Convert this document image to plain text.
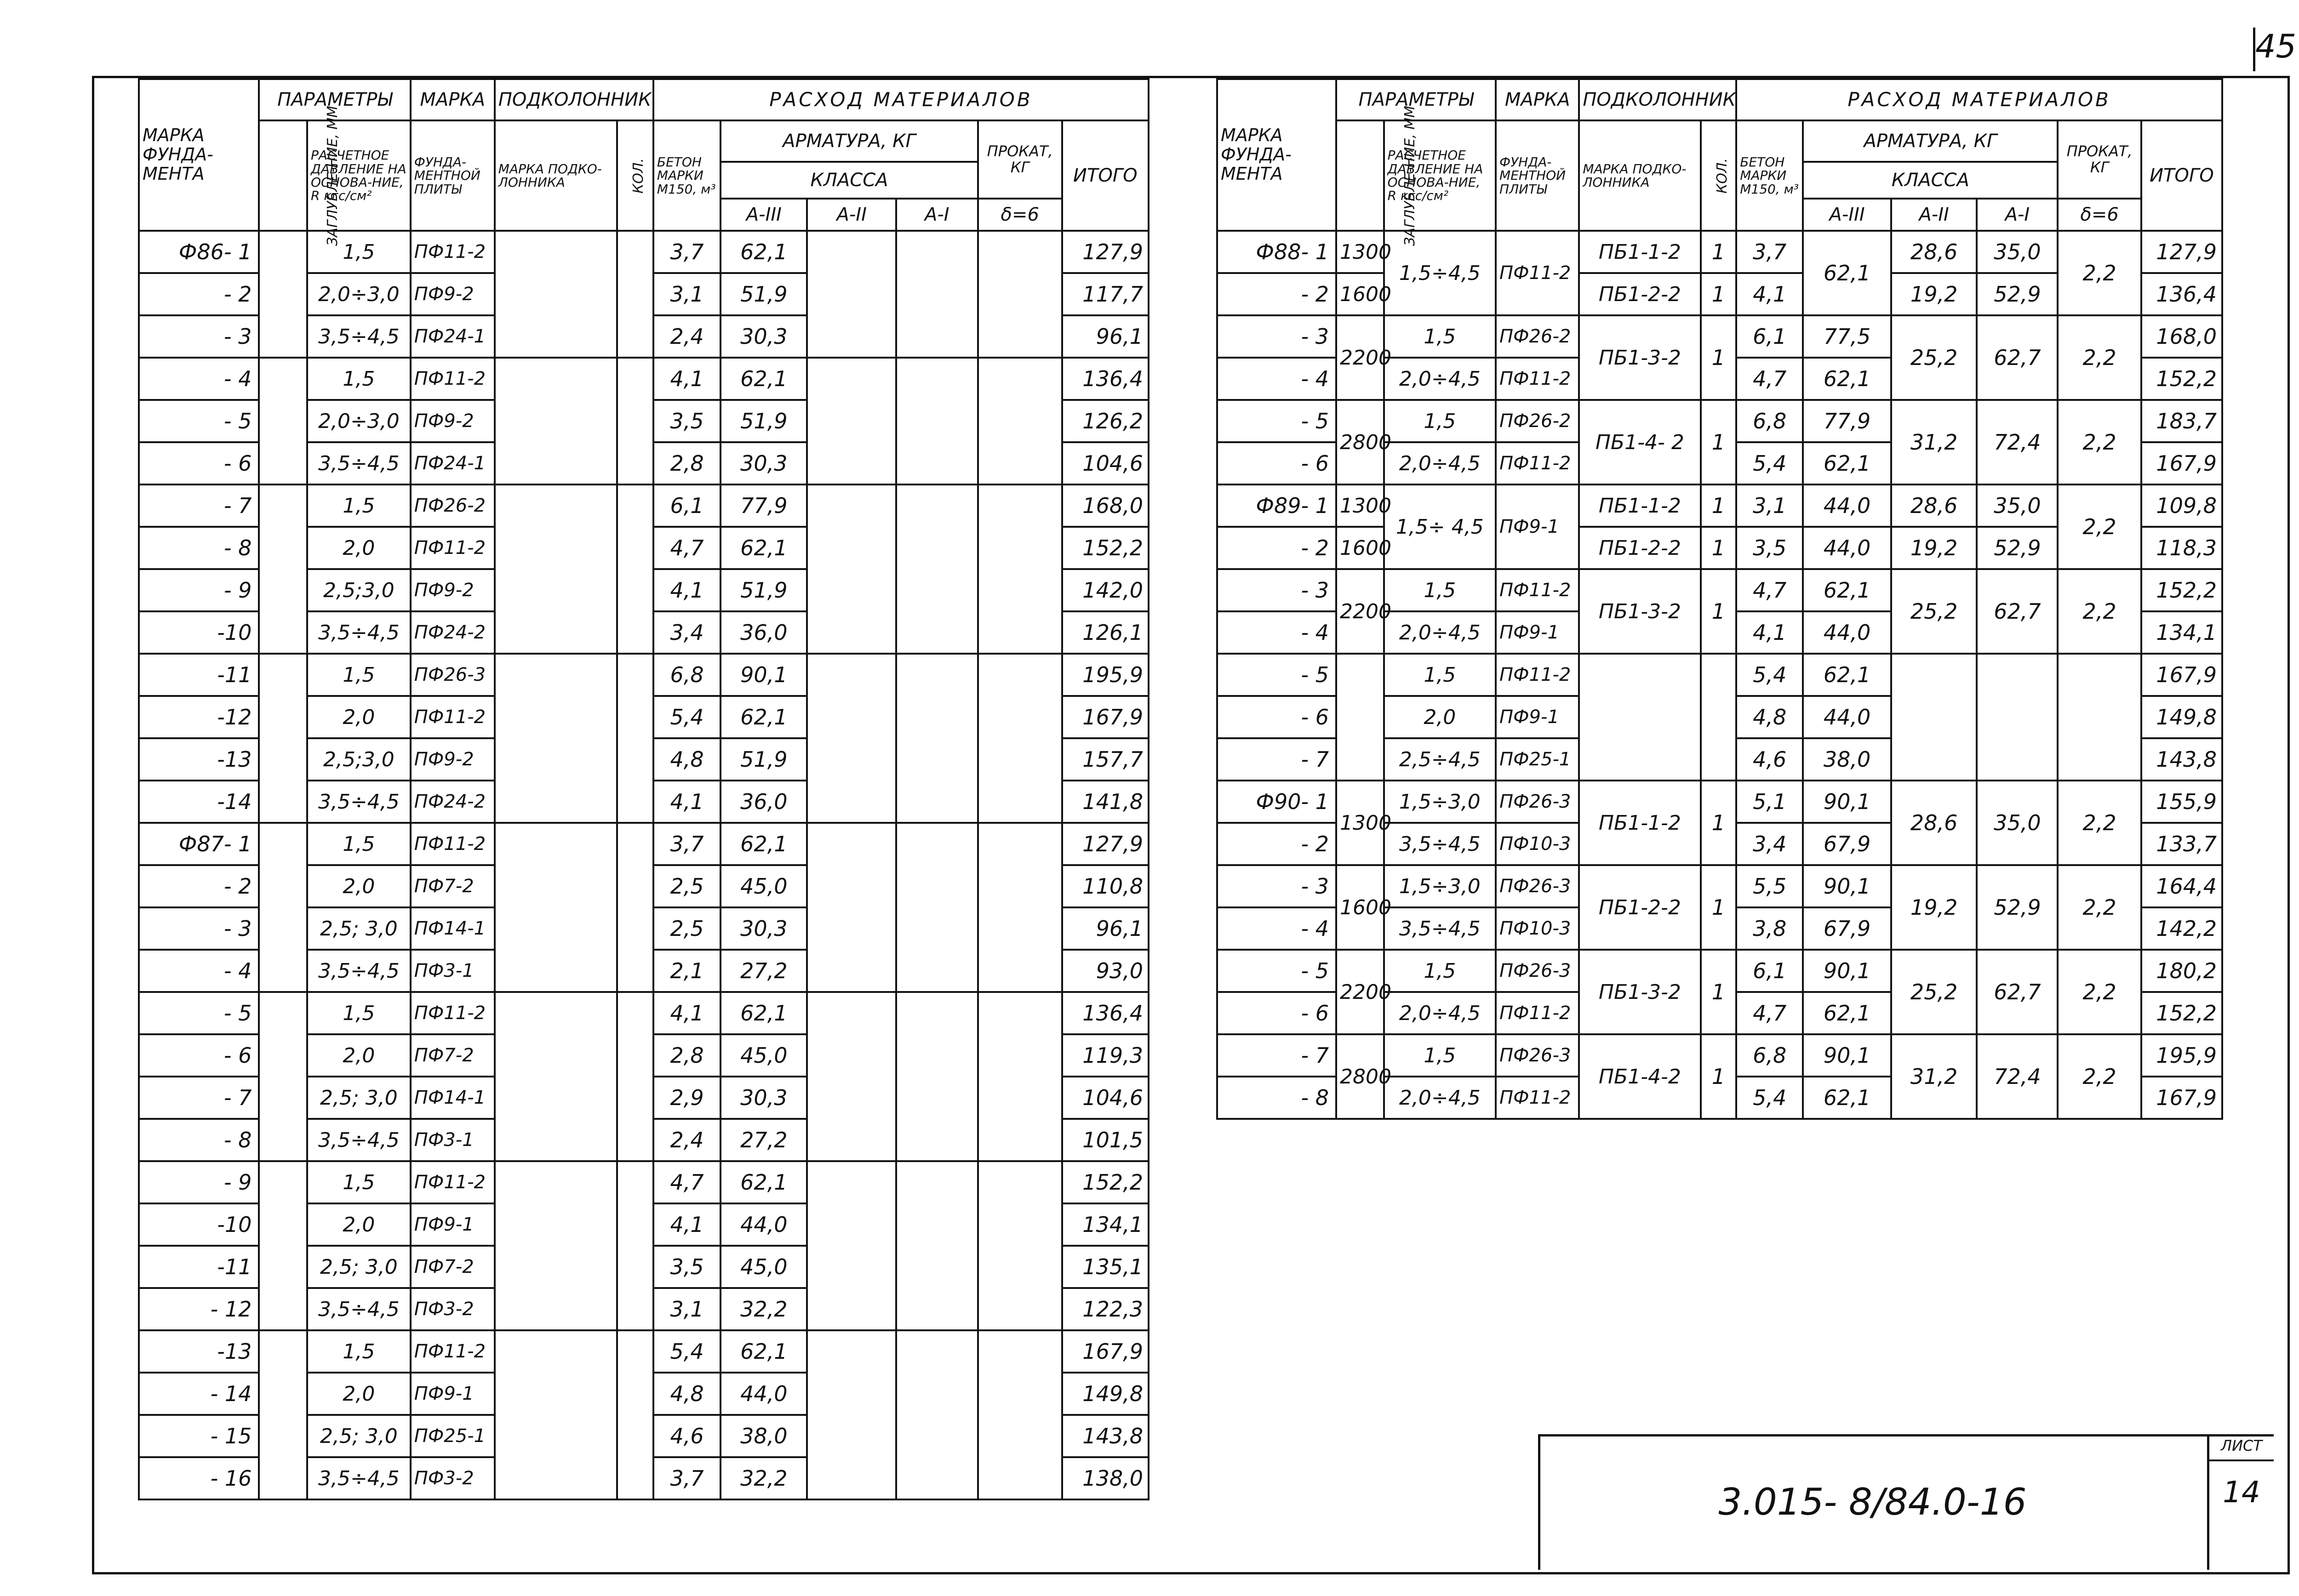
45
МАРКА ФУНДА-МЕНТА	ПАРАМЕТРЫ		МАРКА	ПОДКОЛОННИК		РАСХОД МАТЕРИАЛОВ					
	ЗАГЛУБЛЕ-НИЕ, ММ	РАСЧЕТНОЕ ДАВЛЕНИЕ НА ОСНОВА-НИЕ, R кгс/см²	ФУНДА-МЕНТНОЙ ПЛИТЫ	МАРКА ПОДКО-ЛОННИКА	КОЛ.	БЕТОН МАРКИ М150, м³	АРМАТУРА, КГ			ПРОКАТ, КГ	ИТОГО
							КЛАССА				
							А-III	А-II	А-I	δ=6	
Ф86- 1		1,5	ПФ11-2			3,7	62,1				127,9
- 2		2,0÷3,0	ПФ9-2			3,1	51,9				117,7
- 3		3,5÷4,5	ПФ24-1			2,4	30,3				96,1
- 4		1,5	ПФ11-2			4,1	62,1				136,4
- 5		2,0÷3,0	ПФ9-2			3,5	51,9				126,2
- 6		3,5÷4,5	ПФ24-1			2,8	30,3				104,6
- 7		1,5	ПФ26-2			6,1	77,9				168,0
- 8		2,0	ПФ11-2			4,7	62,1				152,2
- 9		2,5;3,0	ПФ9-2			4,1	51,9				142,0
-10		3,5÷4,5	ПФ24-2			3,4	36,0				126,1
-11		1,5	ПФ26-3			6,8	90,1				195,9
-12		2,0	ПФ11-2			5,4	62,1				167,9
-13		2,5;3,0	ПФ9-2			4,8	51,9				157,7
-14		3,5÷4,5	ПФ24-2			4,1	36,0				141,8
Ф87- 1		1,5	ПФ11-2			3,7	62,1				127,9
- 2		2,0	ПФ7-2			2,5	45,0				110,8
- 3		2,5; 3,0	ПФ14-1			2,5	30,3				96,1
- 4		3,5÷4,5	ПФ3-1			2,1	27,2				93,0
- 5		1,5	ПФ11-2			4,1	62,1				136,4
- 6		2,0	ПФ7-2			2,8	45,0				119,3
- 7		2,5; 3,0	ПФ14-1			2,9	30,3				104,6
- 8		3,5÷4,5	ПФ3-1			2,4	27,2				101,5
- 9		1,5	ПФ11-2			4,7	62,1				152,2
-10		2,0	ПФ9-1			4,1	44,0				134,1
-11		2,5; 3,0	ПФ7-2			3,5	45,0				135,1
- 12		3,5÷4,5	ПФ3-2			3,1	32,2				122,3
-13		1,5	ПФ11-2			5,4	62,1				167,9
- 14		2,0	ПФ9-1			4,8	44,0				149,8
- 15		2,5; 3,0	ПФ25-1			4,6	38,0				143,8
- 16		3,5÷4,5	ПФ3-2			3,7	32,2				138,0
МАРКА ФУНДА-МЕНТА	ПАРАМЕТРЫ		МАРКА	ПОДКОЛОННИК		РАСХОД МАТЕРИАЛОВ					
	ЗАГЛУБЛЕ-НИЕ, ММ	РАСЧЕТНОЕ ДАВЛЕНИЕ НА ОСНОВА-НИЕ, R кгс/см²	ФУНДА-МЕНТНОЙ ПЛИТЫ	МАРКА ПОДКО-ЛОННИКА	КОЛ.	БЕТОН МАРКИ М150, м³	АРМАТУРА, КГ			ПРОКАТ, КГ	ИТОГО
							КЛАССА				
							А-III	А-II	А-I	δ=6	
Ф88- 1	1300	1,5÷4,5	ПФ11-2	ПБ1-1-2	1	3,7	62,1	28,6	35,0	2,2	127,9
- 2	1600			ПБ1-2-2	1	4,1		19,2	52,9		136,4
- 3	2200	1,5	ПФ26-2	ПБ1-3-2	1	6,1	77,5	25,2	62,7	2,2	168,0
- 4		2,0÷4,5	ПФ11-2			4,7	62,1				152,2
- 5	2800	1,5	ПФ26-2	ПБ1-4- 2	1	6,8	77,9	31,2	72,4	2,2	183,7
- 6		2,0÷4,5	ПФ11-2			5,4	62,1				167,9
Ф89- 1	1300	1,5÷ 4,5	ПФ9-1	ПБ1-1-2	1	3,1	44,0	28,6	35,0	2,2	109,8
- 2	1600			ПБ1-2-2	1	3,5	44,0	19,2	52,9		118,3
- 3	2200	1,5	ПФ11-2	ПБ1-3-2	1	4,7	62,1	25,2	62,7	2,2	152,2
- 4		2,0÷4,5	ПФ9-1			4,1	44,0				134,1
- 5		1,5	ПФ11-2			5,4	62,1				167,9
- 6		2,0	ПФ9-1			4,8	44,0				149,8
- 7		2,5÷4,5	ПФ25-1			4,6	38,0				143,8
Ф90- 1	1300	1,5÷3,0	ПФ26-3	ПБ1-1-2	1	5,1	90,1	28,6	35,0	2,2	155,9
- 2		3,5÷4,5	ПФ10-3			3,4	67,9				133,7
- 3	1600	1,5÷3,0	ПФ26-3	ПБ1-2-2	1	5,5	90,1	19,2	52,9	2,2	164,4
- 4		3,5÷4,5	ПФ10-3			3,8	67,9				142,2
- 5	2200	1,5	ПФ26-3	ПБ1-3-2	1	6,1	90,1	25,2	62,7	2,2	180,2
- 6		2,0÷4,5	ПФ11-2			4,7	62,1				152,2
- 7	2800	1,5	ПФ26-3	ПБ1-4-2	1	6,8	90,1	31,2	72,4	2,2	195,9
- 8		2,0÷4,5	ПФ11-2			5,4	62,1				167,9
3.015- 8/84.0-16
ЛИСТ
14
